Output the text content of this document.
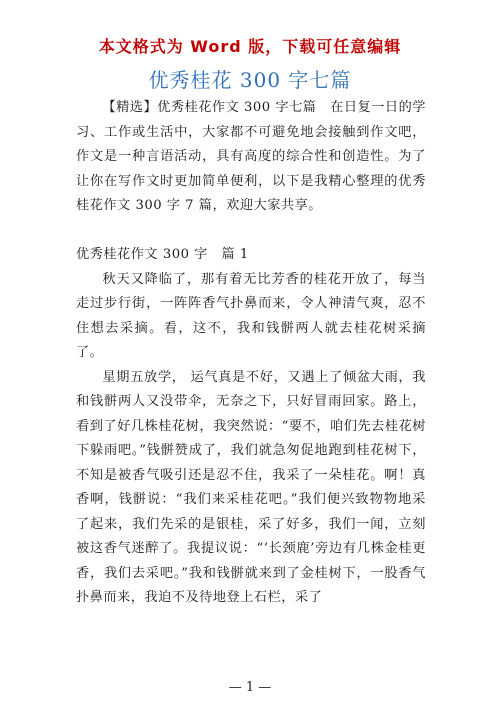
本文格式为 Word 版，下载可任意编辑
优秀桂花 300 字七篇

【精选】优秀桂花作文 300 字七篇　在日复一日的学习、工作或生活中，大家都不可避免地会接触到作文吧，作文是一种言语活动，具有高度的综合性和创造性。为了让你在写作文时更加简单便利，以下是我精心整理的优秀桂花作文 300 字 7 篇，欢迎大家共享。

优秀桂花作文 300 字　篇 1

秋天又降临了，那有着无比芳香的桂花开放了，每当走过步行街，一阵阵香气扑鼻而来，令人神清气爽，忍不住想去采摘。看，这不，我和钱骿两人就去桂花树采摘了。

星期五放学， 运气真是不好，又遇上了倾盆大雨，我和钱骿两人又没带伞，无奈之下，只好冒雨回家。路上，看到了好几株桂花树，我突然说：“要不，咱们先去桂花树下躲雨吧。”钱骿赞成了，我们就急匆促地跑到桂花树下，不知是被香气吸引还是忍不住，我采了一朵桂花。啊！真香啊，钱骿说：“我们来采桂花吧。”我们便兴致物物地采了起来，我们先采的是银桂，采了好多，我们一闻，立刻被这香气迷醉了。我提议说：“‘长颈鹿’旁边有几株金桂更香，我们去采吧。”我和钱骿就来到了金桂树下，一股香气扑鼻而来，我迫不及待地登上石栏，采了

— 1 —
